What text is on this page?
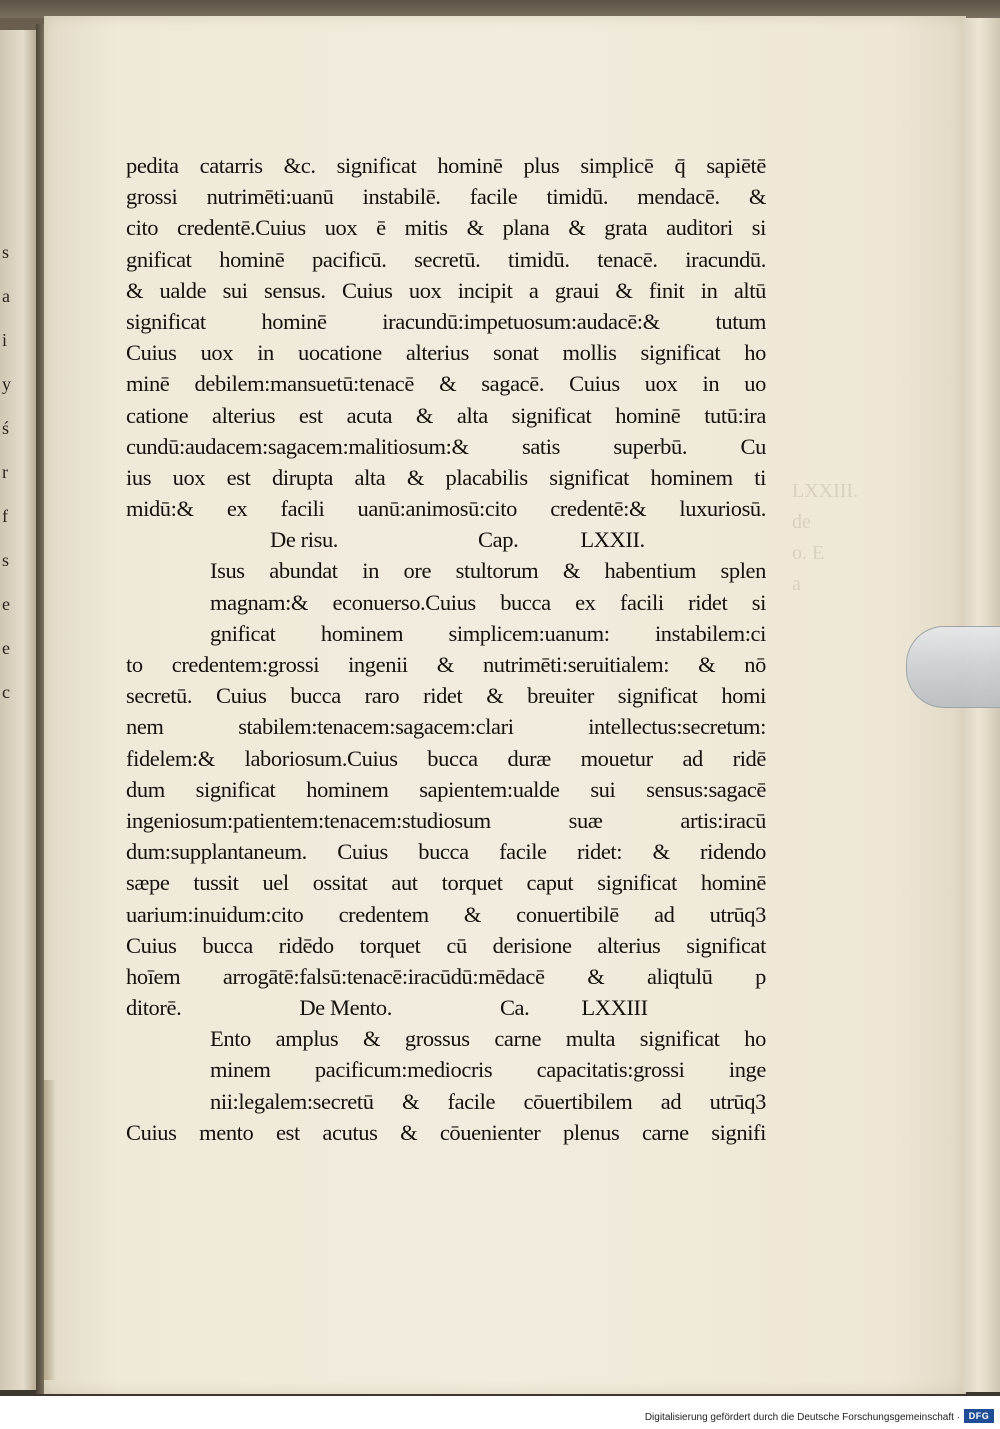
s
a
i
y
ś
r
f
s
e
e
c
LXXIII.
de
o. E
a
pedita catarris &c. significat hominē plus simplicē q̄ sapiētē
grossi nutrimēti:uanū instabilē. facile timidū. mendacē. &
cito credentē.Cuius uox ē mitis & plana & grata auditori si
gnificat hominē pacificū. secretū. timidū. tenacē. iracundū.
& ualde sui sensus. Cuius uox incipit a graui & finit in altū
significat hominē iracundū:impetuosum:audacē:& tutum
Cuius uox in uocatione alterius sonat mollis significat ho
minē debilem:mansuetū:tenacē & sagacē. Cuius uox in uo
catione alterius est acuta & alta significat hominē tutū:ira
cundū:audacem:sagacem:malitiosum:& satis superbū. Cu
ius uox est dirupta alta & placabilis significat hominem ti
midū:& ex facili uanū:animosū:cito credentē:& luxuriosū.
De risu.	Cap.	LXXII.
Isus abundat in ore stultorum & habentium splen
magnam:& econuerso.Cuius bucca ex facili ridet si
gnificat hominem simplicem:uanum: instabilem:ci
to credentem:grossi ingenii & nutrimēti:seruitialem: & nō
secretū. Cuius bucca raro ridet & breuiter significat homi
nem stabilem:tenacem:sagacem:clari intellectus:secretum:
fidelem:& laboriosum.Cuius bucca duræ mouetur ad ridē
dum significat hominem sapientem:ualde sui sensus:sagacē
ingeniosum:patientem:tenacem:studiosum suæ artis:iracū
dum:supplantaneum. Cuius bucca facile ridet: & ridendo
sæpe tussit uel ossitat aut torquet caput significat hominē
uarium:inuidum:cito credentem & conuertibilē ad utrūq3
Cuius bucca ridēdo torquet cū derisione alterius significat
hoīem arrogātē:falsū:tenacē:iracūdū:mēdacē & aliqtulū p
ditorē.	De Mento.	Ca. LXXIII
Ento amplus & grossus carne multa significat ho
minem pacificum:mediocris capacitatis:grossi inge
nii:legalem:secretū & facile cōuertibilem ad utrūq3
Cuius mento est acutus & cōuenienter plenus carne signifi
Digitalisierung gefördert durch die Deutsche Forschungsgemeinschaft · DFG
